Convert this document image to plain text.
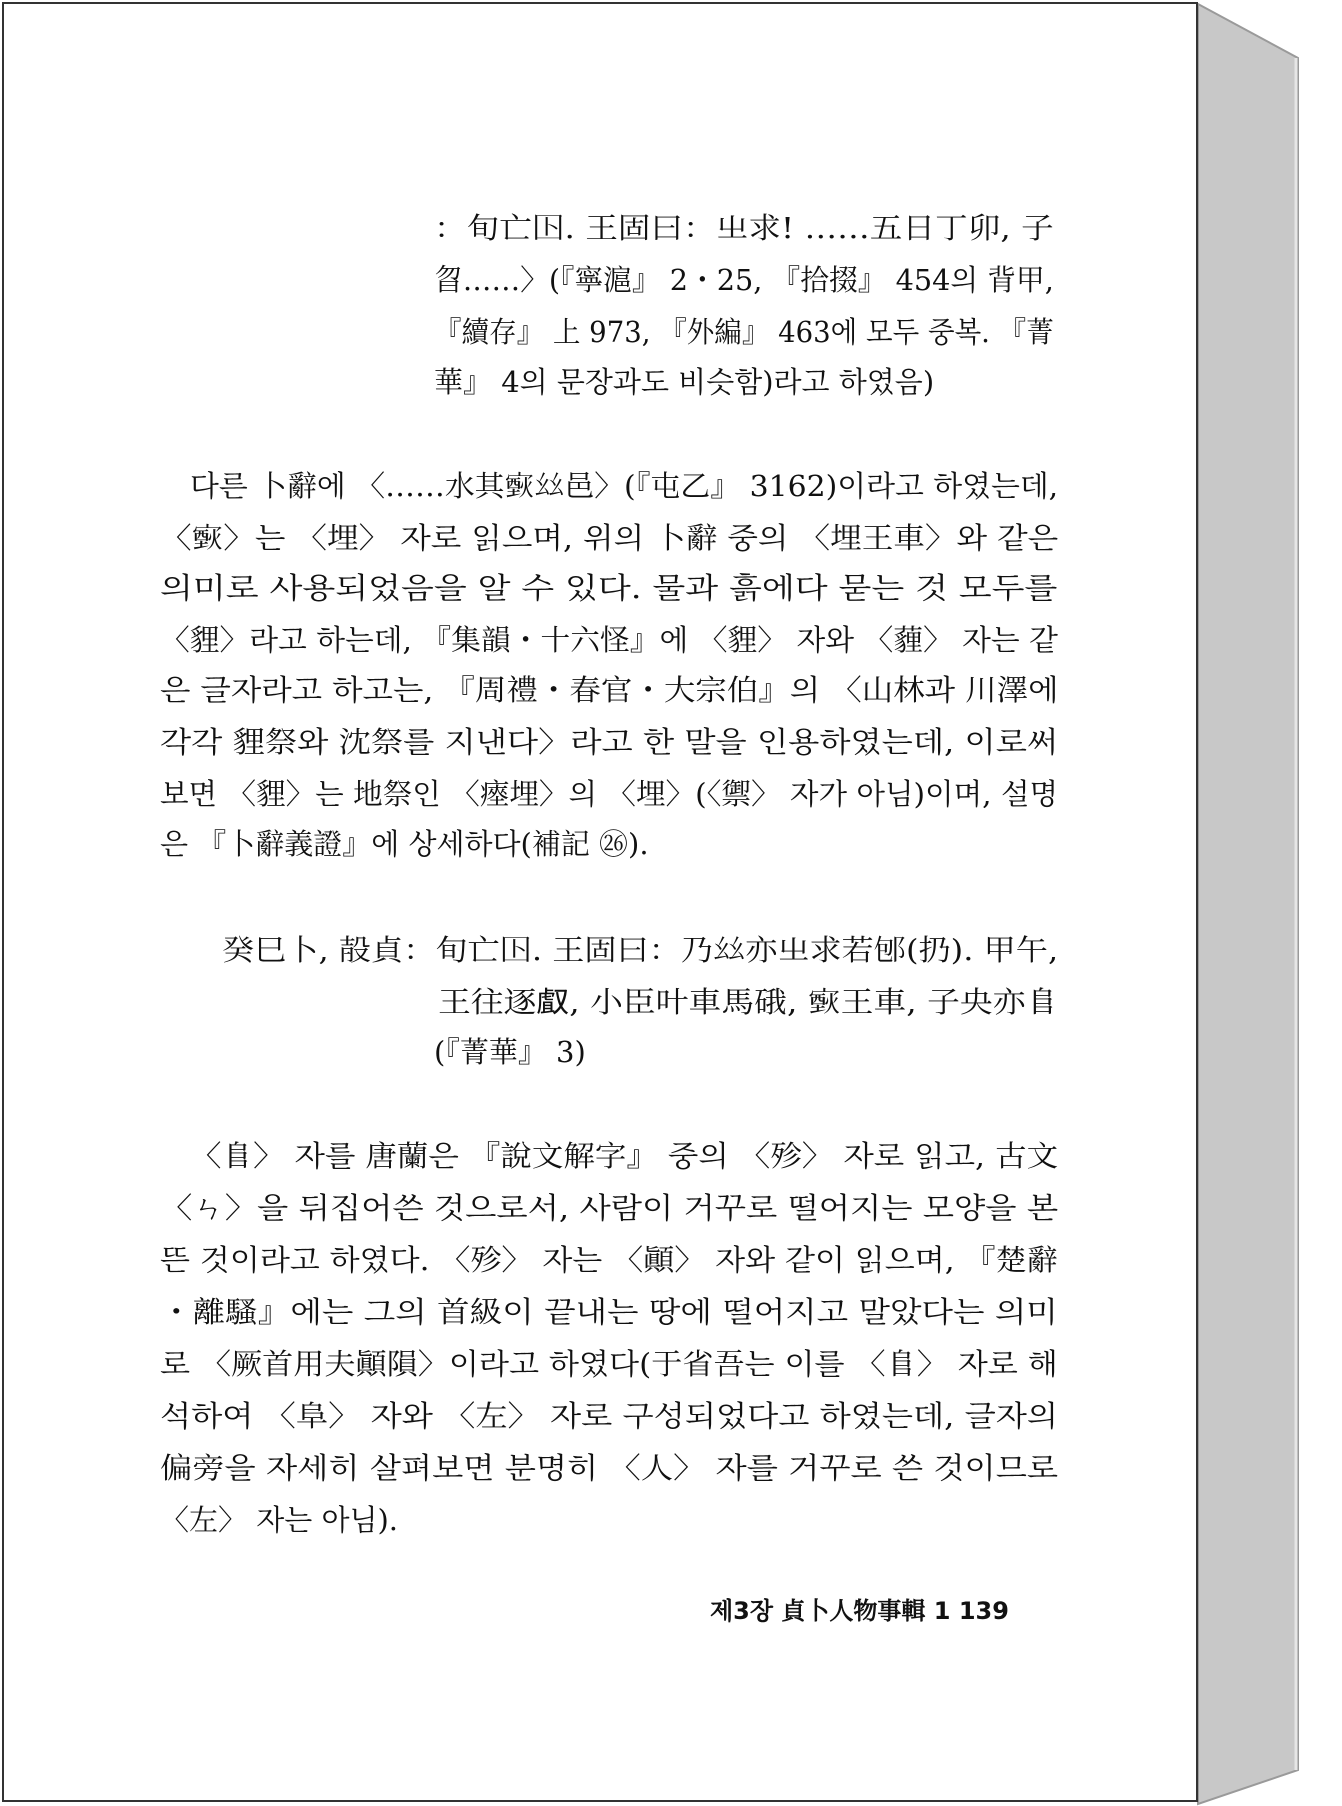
：旬亡𡆥. 王固曰：㞢求! ……五日丁卯, 子
㫚……〉(『寧滬』 2・25, 『拾掇』 454의 背甲,
『續存』 上 973, 『外編』 463에 모두 중복. 『菁
華』 4의 문장과도 비슷함)라고 하였음)
다른 卜辭에 〈……水其𤎟𢆶邑〉(『屯乙』 3162)이라고 하였는데,
〈𤎟〉는 〈埋〉 자로 읽으며, 위의 卜辭 중의 〈埋王車〉와 같은
의미로 사용되었음을 알 수 있다. 물과 흙에다 묻는 것 모두를
〈貍〉라고 하는데, 『集韻・十六怪』에 〈貍〉 자와 〈薶〉 자는 같
은 글자라고 하고는, 『周禮・春官・大宗伯』의 〈山林과 川澤에
각각 貍祭와 沈祭를 지낸다〉라고 한 말을 인용하였는데, 이로써
보면 〈貍〉는 地祭인 〈瘞埋〉의 〈埋〉(〈禦〉 자가 아님)이며, 설명
은 『卜辭義證』에 상세하다(補記 ㉖).
癸巳卜, 㱿貞：旬亡𡆥. 王固曰：乃𢆶亦㞢求若𨚔(扔). 甲午,
王往逐𠭯, 小臣叶車馬硪, 𤎟王車, 子央亦𨸏
(『菁華』 3)
〈𨸏〉 자를 唐蘭은 『說文解字』 중의 〈殄〉 자로 읽고, 古文
〈ㄣ〉을 뒤집어쓴 것으로서, 사람이 거꾸로 떨어지는 모양을 본
뜬 것이라고 하였다. 〈殄〉 자는 〈顚〉 자와 같이 읽으며, 『楚辭
・離騷』에는 그의 首級이 끝내는 땅에 떨어지고 말았다는 의미
로 〈厥首用夫顚隕〉이라고 하였다(于省吾는 이를 〈𨸏〉 자로 해
석하여 〈阜〉 자와 〈左〉 자로 구성되었다고 하였는데, 글자의
偏旁을 자세히 살펴보면 분명히 〈人〉 자를 거꾸로 쓴 것이므로
〈左〉 자는 아님).
제3장 貞卜人物事輯 1 139
